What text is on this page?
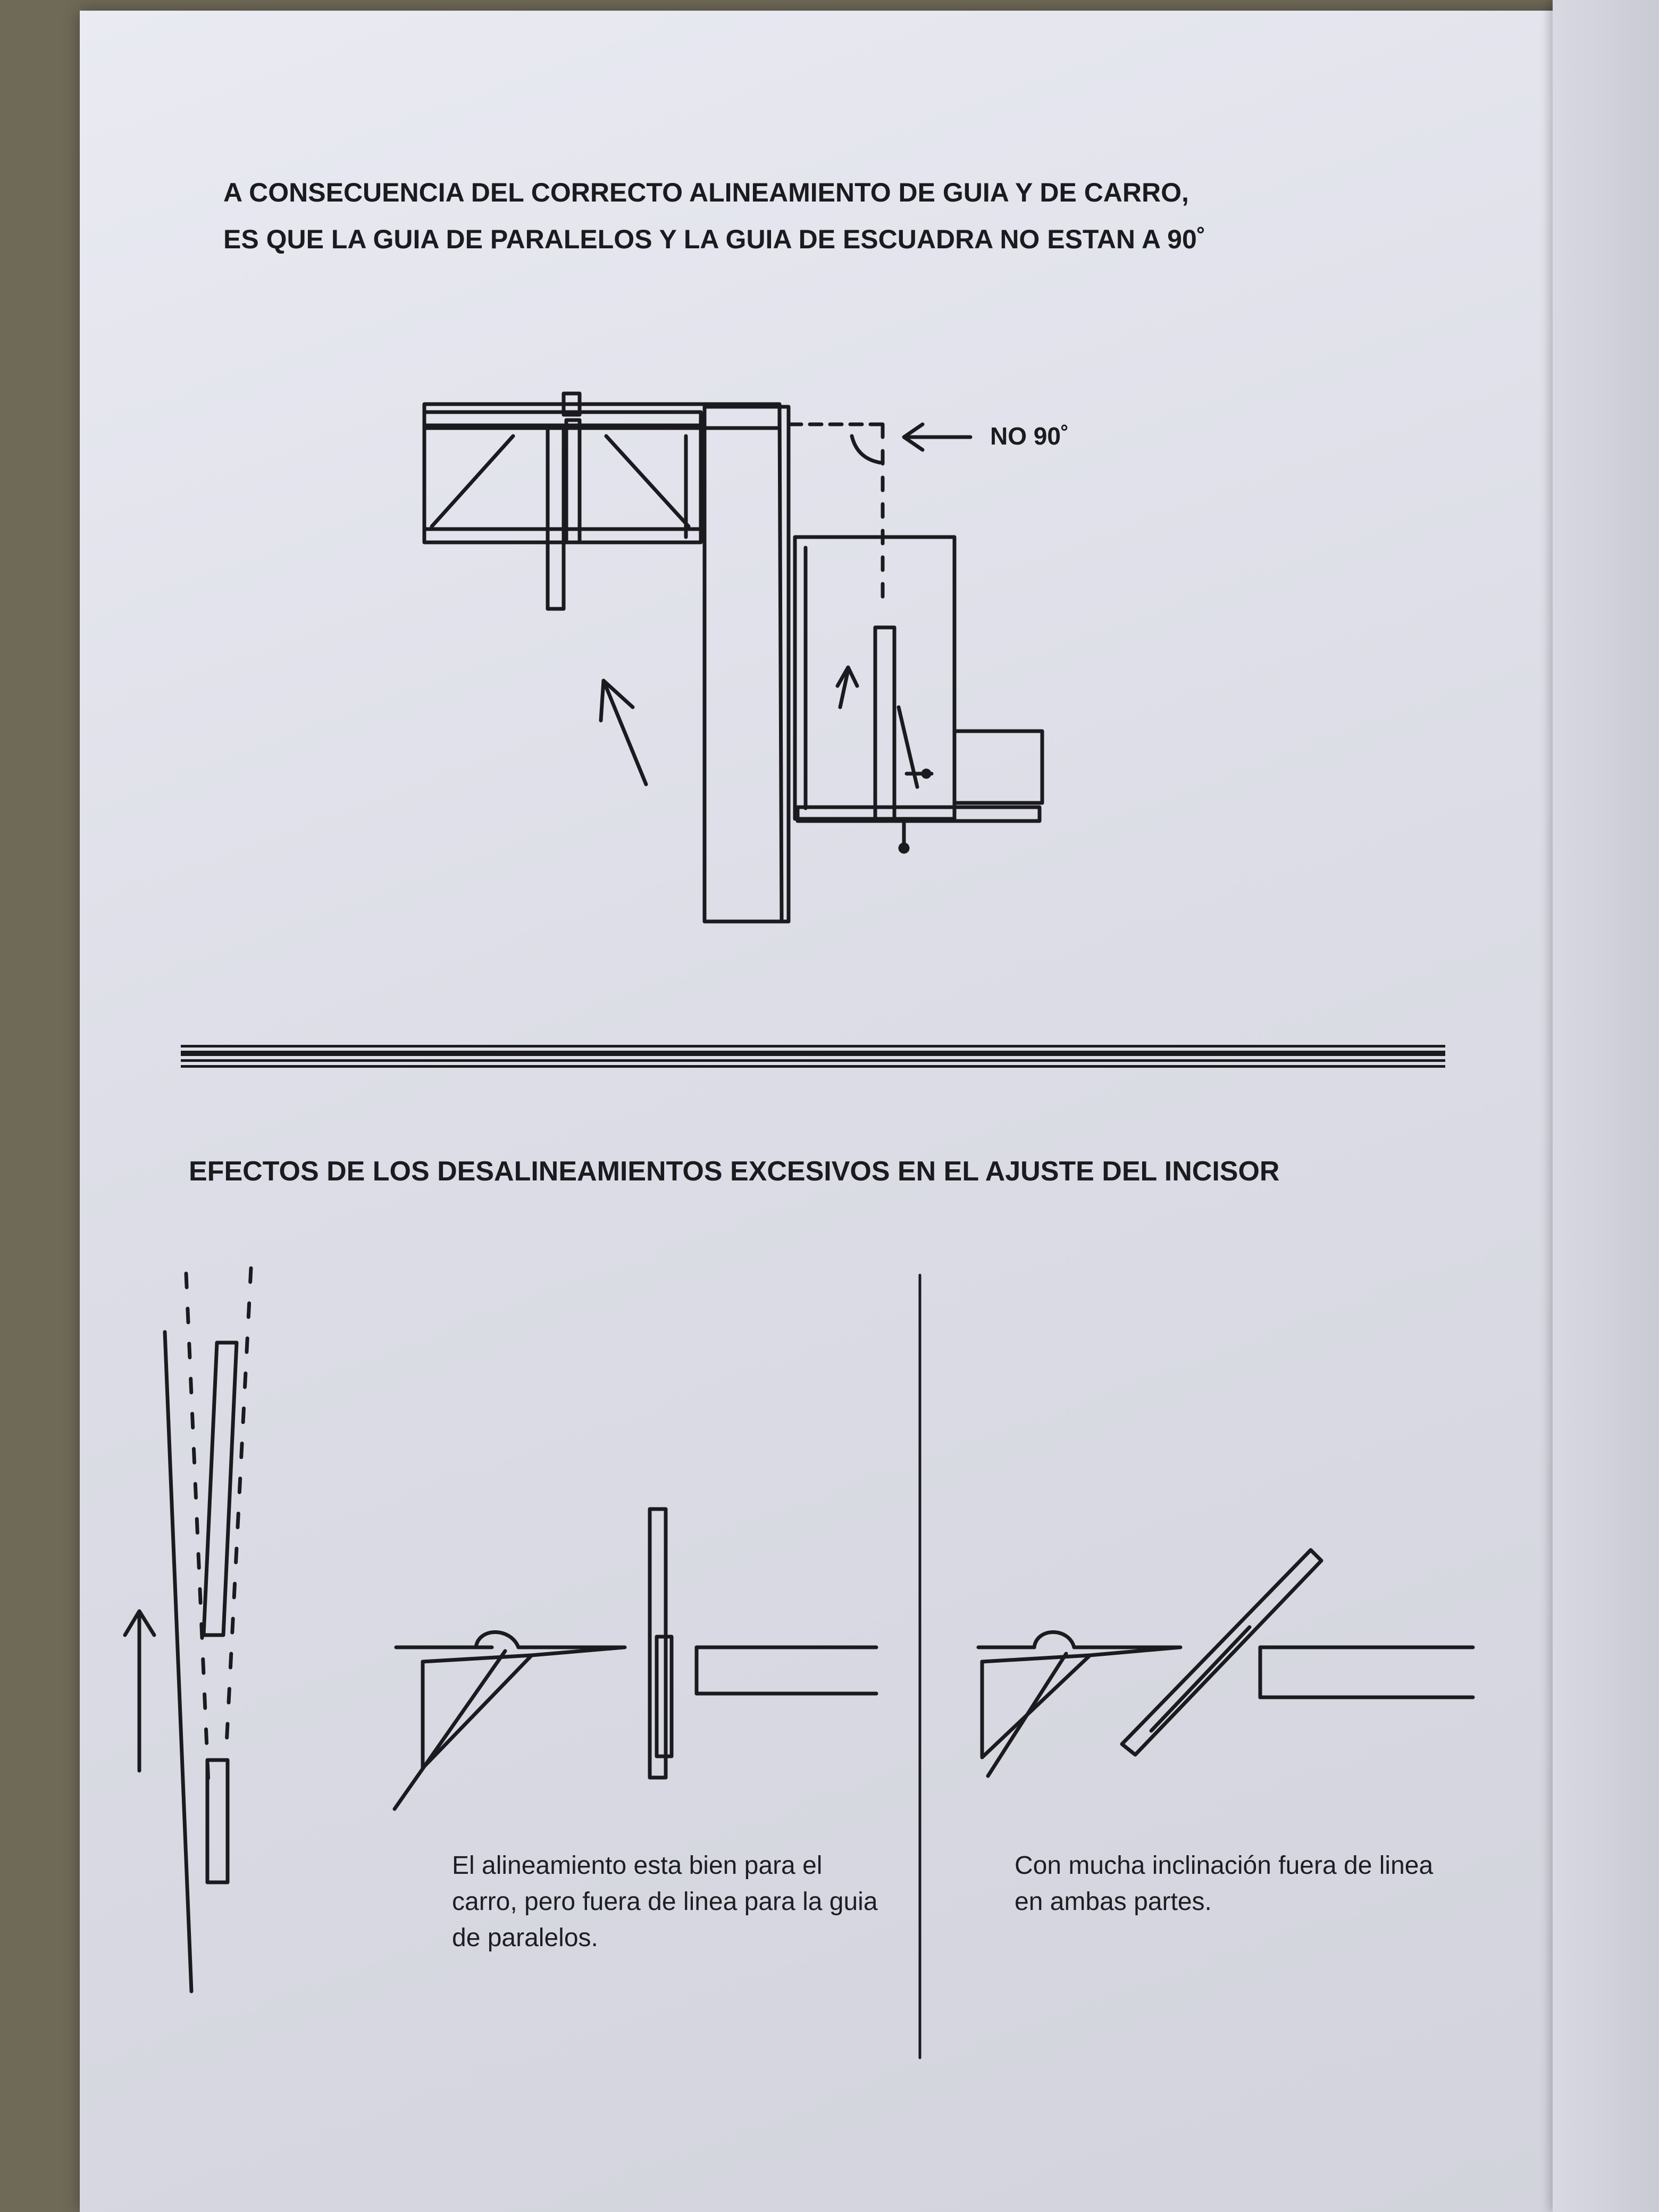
A CONSECUENCIA DEL CORRECTO ALINEAMIENTO DE GUIA Y DE CARRO,
ES QUE LA GUIA DE PARALELOS Y LA GUIA DE ESCUADRA NO ESTAN A 90˚
NO 90˚
EFECTOS DE LOS DESALINEAMIENTOS EXCESIVOS EN EL AJUSTE DEL INCISOR

El alineamiento esta bien para el carro, pero fuera de linea para la guia de paralelos.

Con mucha inclinación fuera de linea en ambas partes.
